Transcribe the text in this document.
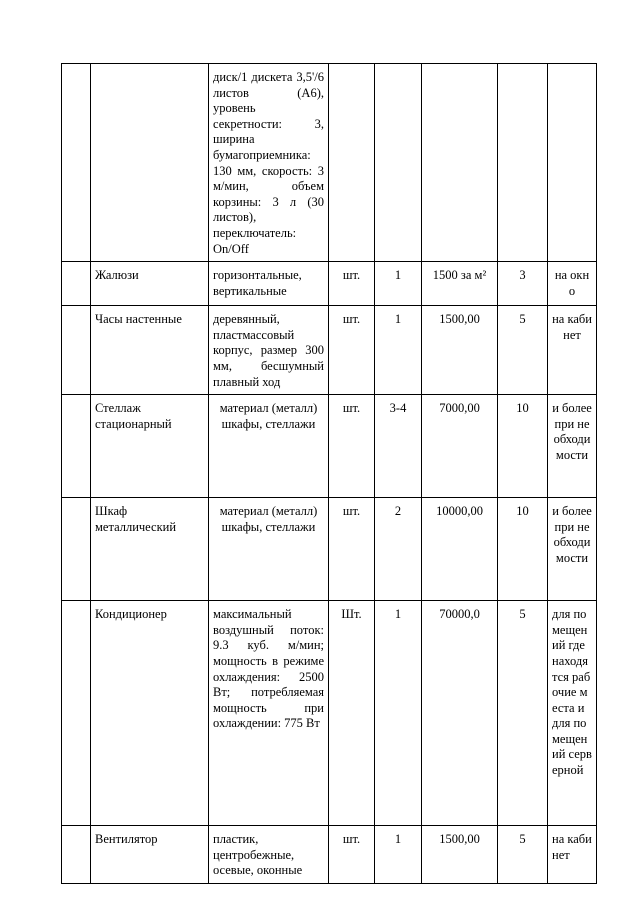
		диск/1 дискета 3,5'/6 листов (А6), уровень секретности: 3, ширина бумагоприемника: 130 мм, скорость: 3 м/мин, объем корзины: 3 л (30 листов), переключатель: On/Off					
	Жалюзи	горизонтальные, вертикальные	шт.	1	1500 за м²	3	на окно
	Часы настенные	деревянный, пластмассовый корпус, размер 300 мм, бесшумный плавный ход	шт.	1	1500,00	5	на кабинет
	Стеллаж стационарный	материал (металл) шкафы, стеллажи	шт.	3-4	7000,00	10	и более при необходимости
	Шкаф металлический	материал (металл) шкафы, стеллажи	шт.	2	10000,00	10	и более при необходимости
	Кондиционер	максимальный воздушный поток: 9.3 куб. м/мин; мощность в режиме охлаждения: 2500 Вт; потребляемая мощность при охлаждении: 775 Вт	Шт.	1	70000,0	5	для помещений где находятся рабочие места и для помещений серверной
	Вентилятор	пластик, центробежные, осевые, оконные	шт.	1	1500,00	5	на кабинет
